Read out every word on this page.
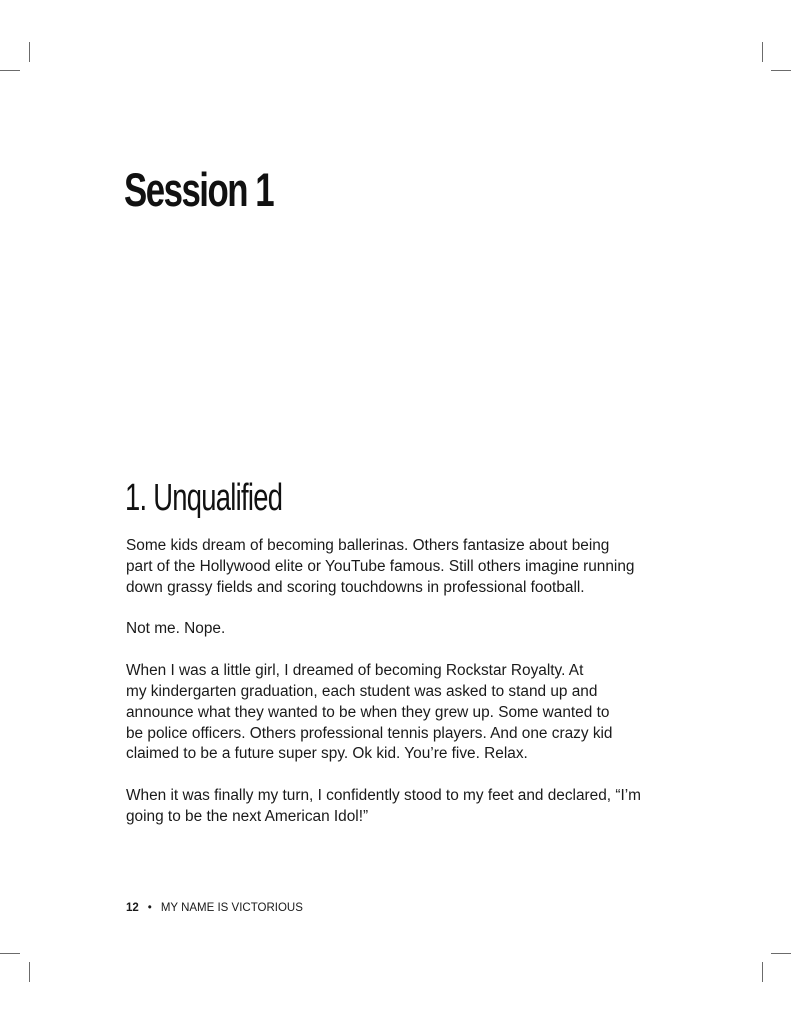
Session 1
1. Unqualified

Some kids dream of becoming ballerinas. Others fantasize about being
part of the Hollywood elite or YouTube famous. Still others imagine running
down grassy fields and scoring touchdowns in professional football.

Not me. Nope.

When I was a little girl, I dreamed of becoming Rockstar Royalty. At
my kindergarten graduation, each student was asked to stand up and
announce what they wanted to be when they grew up. Some wanted to
be police officers. Others professional tennis players. And one crazy kid
claimed to be a future super spy. Ok kid. You’re five. Relax.

When it was finally my turn, I confidently stood to my feet and declared, “I’m
going to be the next American Idol!”

12 • MY NAME IS VICTORIOUS
